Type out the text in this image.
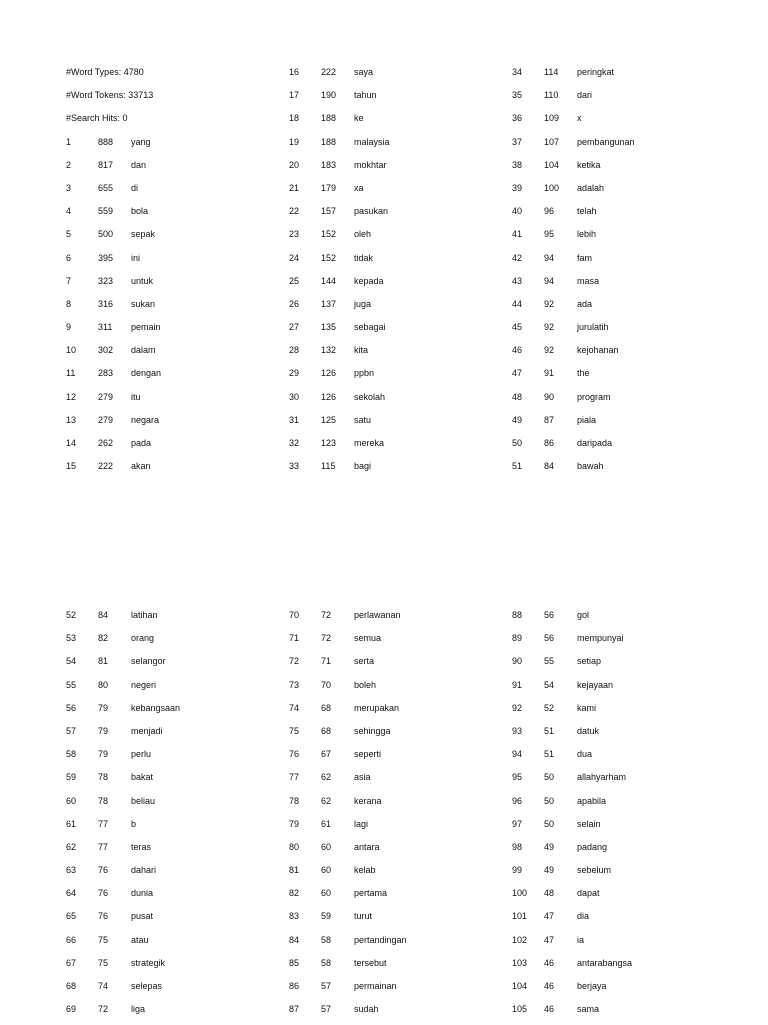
#Word Types: 4780
#Word Tokens: 33713
#Search Hits: 0
1	888 yang
2	817 dan
3	655 di
4	559 bola
5	500 sepak
6	395 ini
7	323 untuk
8	316 sukan
9	311 pemain
10 302 dalam
11	283 dengan
12 279 itu
13 279 negara
14 262 pada
15 222 akan
16 222 saya
17 190 tahun
18 188 ke
19 188 malaysia
20 183 mokhtar
21 179 xa
22 157 pasukan
23 152 oleh
24 152 tidak
25 144 kepada
26 137 juga
27 135 sebagai
28 132 kita
29 126 ppbn
30 126 sekolah
31 125 satu
32 123 mereka
33 115 bagi
34 114 peringkat
35 110 dari
36 109 x
37 107 pembangunan
38 104 ketika
39 100 adalah
40 96	telah
41 95	lebih
42 94	fam
43 94	masa
44 92	ada
45 92	jurulatih
46 92	kejohanan
47 91	the
48 90	program
49 87	piala
50 86	daripada
51 84	bawah
52 84	latihan
53 82	orang
54 81	selangor
55 80	negeri
56 79	kebangsaan
57 79	menjadi
58 79	perlu
59 78	bakat
60 78	beliau
61 77	b
62 77	teras
63 76	dahari
64 76	dunia
65 76	pusat
66 75	atau
67 75	strategik
68 74	selepas
69 72	liga
70 72	perlawanan
71 72	semua
72 71	serta
73 70	boleh
74 68	merupakan
75 68	sehingga
76 67	seperti
77 62	asia
78 62	kerana
79 61	lagi
80 60	antara
81 60	kelab
82 60	pertama
83 59	turut
84 58	pertandingan
85 58	tersebut
86 57	permainan
87 57	sudah
88 56	gol
89 56	mempunyai
90 55	setiap
91 54	kejayaan
92 52	kami
93 51	datuk
94 51	dua
95 50	allahyarham
96 50	apabila
97 50	selain
98 49	padang
99 49	sebelum
100 48	dapat
101 47	dia
102 47	ia
103 46	antarabangsa
104 46	berjaya
105 46	sama
